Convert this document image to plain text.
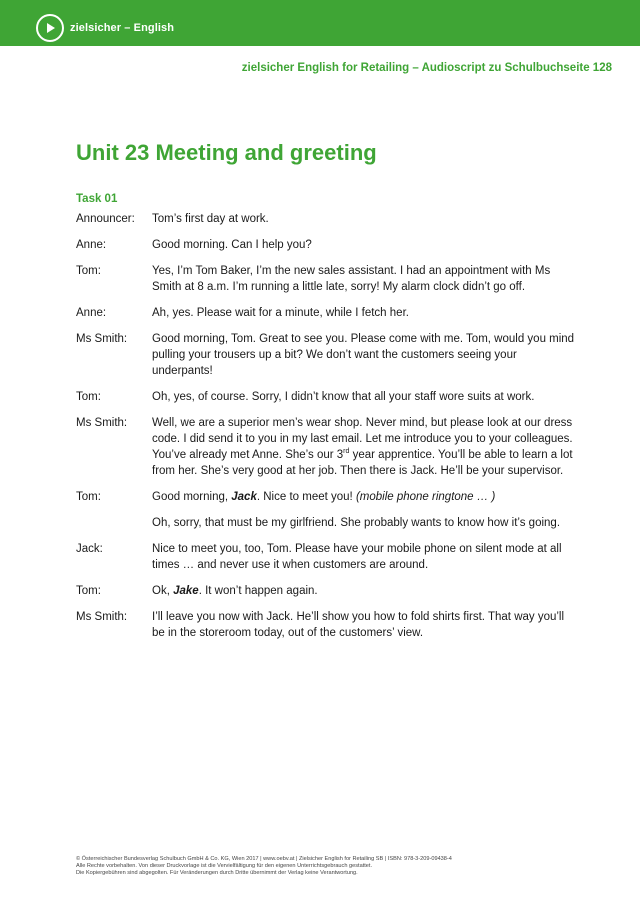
zielsicher – English
zielsicher English for Retailing – Audioscript zu Schulbuchseite 128
Unit 23 Meeting and greeting
Task 01
Announcer:	Tom’s first day at work.
Anne:	Good morning. Can I help you?
Tom:	Yes, I’m Tom Baker, I’m the new sales assistant. I had an appointment with Ms Smith at 8 a.m. I’m running a little late, sorry! My alarm clock didn’t go off.
Anne:	Ah, yes. Please wait for a minute, while I fetch her.
Ms Smith:	Good morning, Tom. Great to see you. Please come with me. Tom, would you mind pulling your trousers up a bit? We don’t want the customers seeing your underpants!
Tom:	Oh, yes, of course. Sorry, I didn’t know that all your staff wore suits at work.
Ms Smith:	Well, we are a superior men’s wear shop. Never mind, but please look at our dress code. I did send it to you in my last email. Let me introduce you to your colleagues. You’ve already met Anne. She’s our 3rd year apprentice. You’ll be able to learn a lot from her. She’s very good at her job. Then there is Jack. He’ll be your supervisor.
Tom:	Good morning, Jack. Nice to meet you! (mobile phone ringtone … )
Oh, sorry, that must be my girlfriend. She probably wants to know how it’s going.
Jack:	Nice to meet you, too, Tom. Please have your mobile phone on silent mode at all times … and never use it when customers are around.
Tom:	Ok, Jake. It won’t happen again.
Ms Smith:	I’ll leave you now with Jack. He’ll show you how to fold shirts first. That way you’ll be in the storeroom today, out of the customers’ view.
© Österreichischer Bundesverlag Schulbuch GmbH & Co. KG, Wien 2017 | www.oebv.at | Zielsicher English for Retailing SB | ISBN: 978-3-209-09438-4
Alle Rechte vorbehalten. Von dieser Druckvorlage ist die Vervielfältigung für den eigenen Unterrichtsgebrauch gestattet.
Die Kopiergebühren sind abgegolten. Für Veränderungen durch Dritte übernimmt der Verlag keine Verantwortung.
